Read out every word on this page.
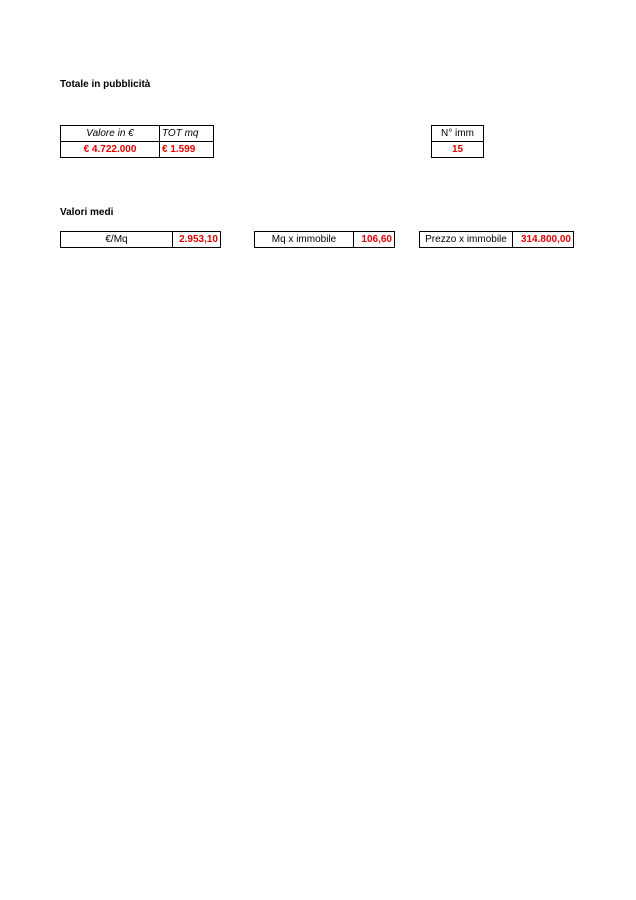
Totale in pubblicità
Valore in €	TOT mq
€ 4.722.000	€ 1.599
N° imm
15
Valori medi
€/Mq	2.953,10	Mq x immobile	106,60	Prezzo x immobile	314.800,00
